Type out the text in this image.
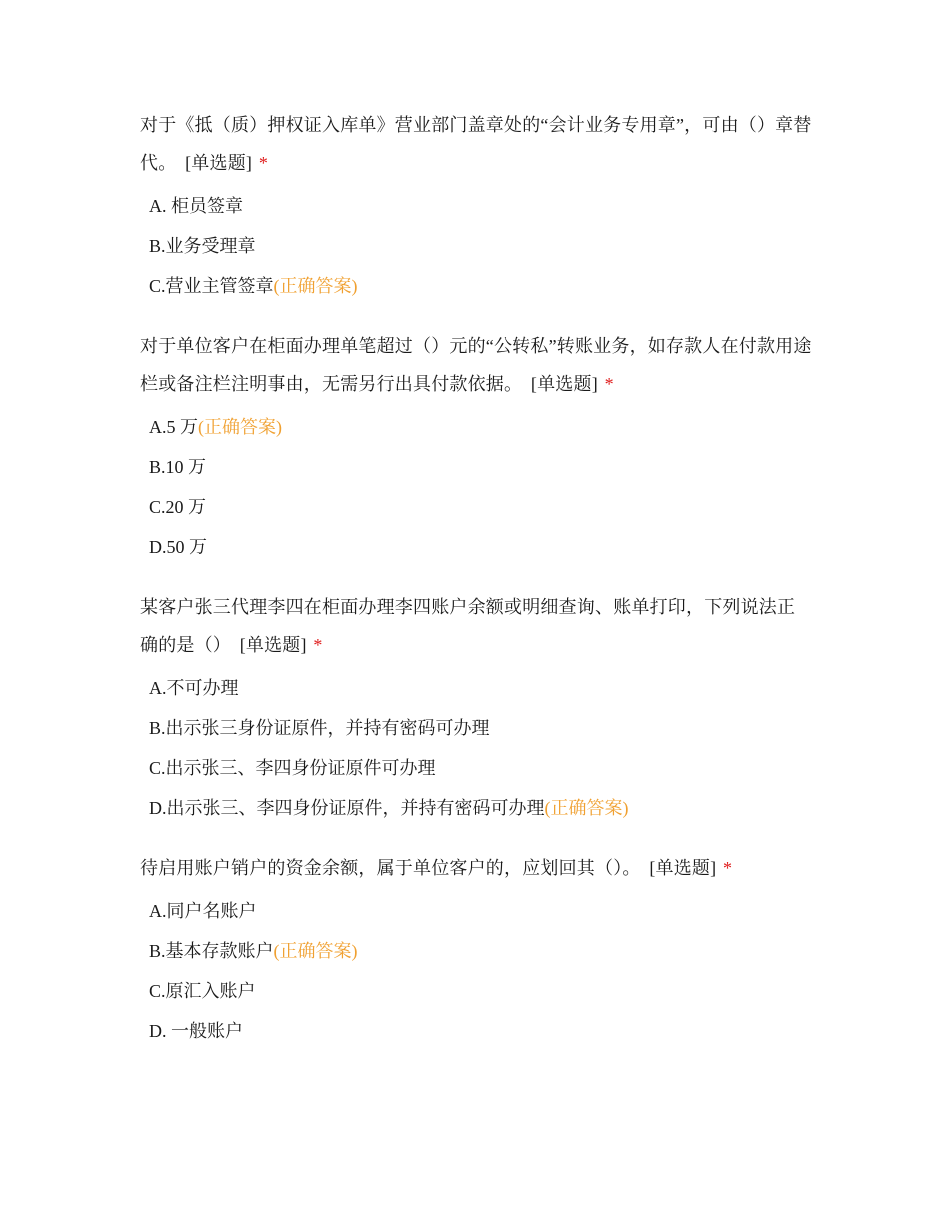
对于《抵（质）押权证入库单》营业部门盖章处的“会计业务专用章”，可由（）章替代。 [单选题] *

A. 柜员签章
B.业务受理章
C.营业主管签章(正确答案)

对于单位客户在柜面办理单笔超过（）元的“公转私”转账业务，如存款人在付款用途栏或备注栏注明事由，无需另行出具付款依据。 [单选题] *

A.5 万(正确答案)
B.10 万
C.20 万
D.50 万

某客户张三代理李四在柜面办理李四账户余额或明细查询、账单打印，下列说法正确的是（） [单选题] *

A.不可办理
B.出示张三身份证原件，并持有密码可办理
C.出示张三、李四身份证原件可办理
D.出示张三、李四身份证原件，并持有密码可办理(正确答案)

待启用账户销户的资金余额，属于单位客户的，应划回其（）。 [单选题] *

A.同户名账户
B.基本存款账户(正确答案)
C.原汇入账户
D. 一般账户
